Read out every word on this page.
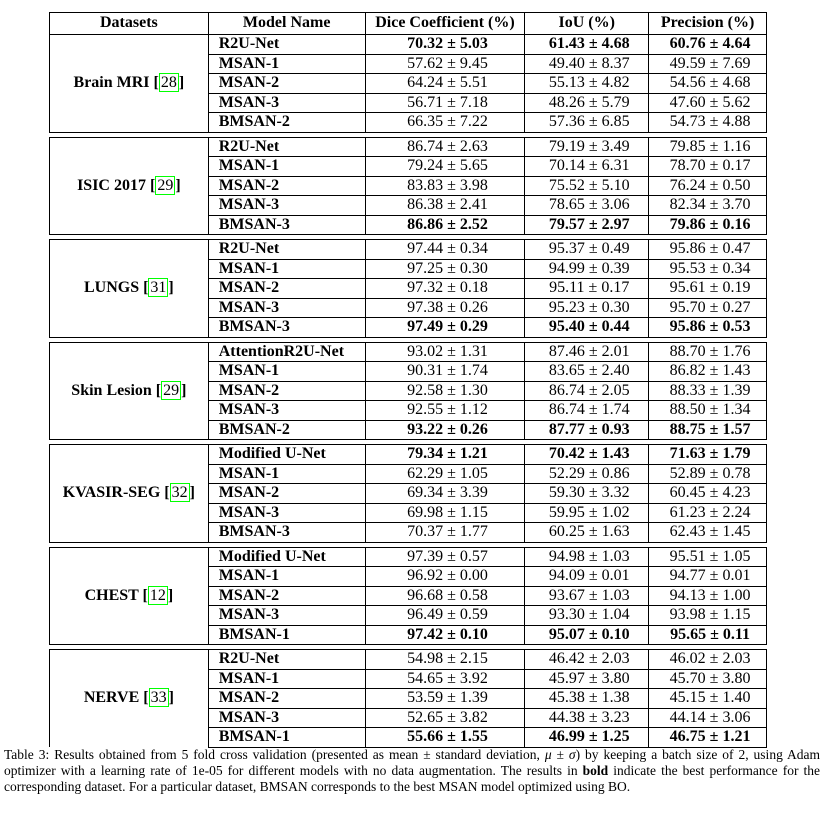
Datasets	Model Name	Dice Coefficient (%)	IoU (%)	Precision (%)
Brain MRI [ 28 ]	R2U-Net	70.32 ± 5.03	61.43 ± 4.68	60.76 ± 4.64
	MSAN-1	57.62 ± 9.45	49.40 ± 8.37	49.59 ± 7.69
	MSAN-2	64.24 ± 5.51	55.13 ± 4.82	54.56 ± 4.68
	MSAN-3	56.71 ± 7.18	48.26 ± 5.79	47.60 ± 5.62
	BMSAN-2	66.35 ± 7.22	57.36 ± 6.85	54.73 ± 4.88

ISIC 2017 [ 29 ]	R2U-Net	86.74 ± 2.63	79.19 ± 3.49	79.85 ± 1.16
	MSAN-1	79.24 ± 5.65	70.14 ± 6.31	78.70 ± 0.17
	MSAN-2	83.83 ± 3.98	75.52 ± 5.10	76.24 ± 0.50
	MSAN-3	86.38 ± 2.41	78.65 ± 3.06	82.34 ± 3.70
	BMSAN-3	86.86 ± 2.52	79.57 ± 2.97	79.86 ± 0.16

LUNGS [ 31 ]	R2U-Net	97.44 ± 0.34	95.37 ± 0.49	95.86 ± 0.47
	MSAN-1	97.25 ± 0.30	94.99 ± 0.39	95.53 ± 0.34
	MSAN-2	97.32 ± 0.18	95.11 ± 0.17	95.61 ± 0.19
	MSAN-3	97.38 ± 0.26	95.23 ± 0.30	95.70 ± 0.27
	BMSAN-3	97.49 ± 0.29	95.40 ± 0.44	95.86 ± 0.53

Skin Lesion [ 29 ]	AttentionR2U-Net	93.02 ± 1.31	87.46 ± 2.01	88.70 ± 1.76
	MSAN-1	90.31 ± 1.74	83.65 ± 2.40	86.82 ± 1.43
	MSAN-2	92.58 ± 1.30	86.74 ± 2.05	88.33 ± 1.39
	MSAN-3	92.55 ± 1.12	86.74 ± 1.74	88.50 ± 1.34
	BMSAN-2	93.22 ± 0.26	87.77 ± 0.93	88.75 ± 1.57

KVASIR-SEG [ 32 ]	Modified U-Net	79.34 ± 1.21	70.42 ± 1.43	71.63 ± 1.79
	MSAN-1	62.29 ± 1.05	52.29 ± 0.86	52.89 ± 0.78
	MSAN-2	69.34 ± 3.39	59.30 ± 3.32	60.45 ± 4.23
	MSAN-3	69.98 ± 1.15	59.95 ± 1.02	61.23 ± 2.24
	BMSAN-3	70.37 ± 1.77	60.25 ± 1.63	62.43 ± 1.45

CHEST [ 12 ]	Modified U-Net	97.39 ± 0.57	94.98 ± 1.03	95.51 ± 1.05
	MSAN-1	96.92 ± 0.00	94.09 ± 0.01	94.77 ± 0.01
	MSAN-2	96.68 ± 0.58	93.67 ± 1.03	94.13 ± 1.00
	MSAN-3	96.49 ± 0.59	93.30 ± 1.04	93.98 ± 1.15
	BMSAN-1	97.42 ± 0.10	95.07 ± 0.10	95.65 ± 0.11

NERVE [ 33 ]	R2U-Net	54.98 ± 2.15	46.42 ± 2.03	46.02 ± 2.03
	MSAN-1	54.65 ± 3.92	45.97 ± 3.80	45.70 ± 3.80
	MSAN-2	53.59 ± 1.39	45.38 ± 1.38	45.15 ± 1.40
	MSAN-3	52.65 ± 3.82	44.38 ± 3.23	44.14 ± 3.06
	BMSAN-1	55.66 ± 1.55	46.99 ± 1.25	46.75 ± 1.21
Table 3: Results obtained from 5 fold cross validation (presented as mean ± standard deviation, μ ± σ) by keeping a batch size of 2, using Adam optimizer with a learning rate of 1e-05 for different models with no data augmentation. The results in bold indicate the best performance for the corresponding dataset. For a particular dataset, BMSAN corresponds to the best MSAN model optimized using BO.
